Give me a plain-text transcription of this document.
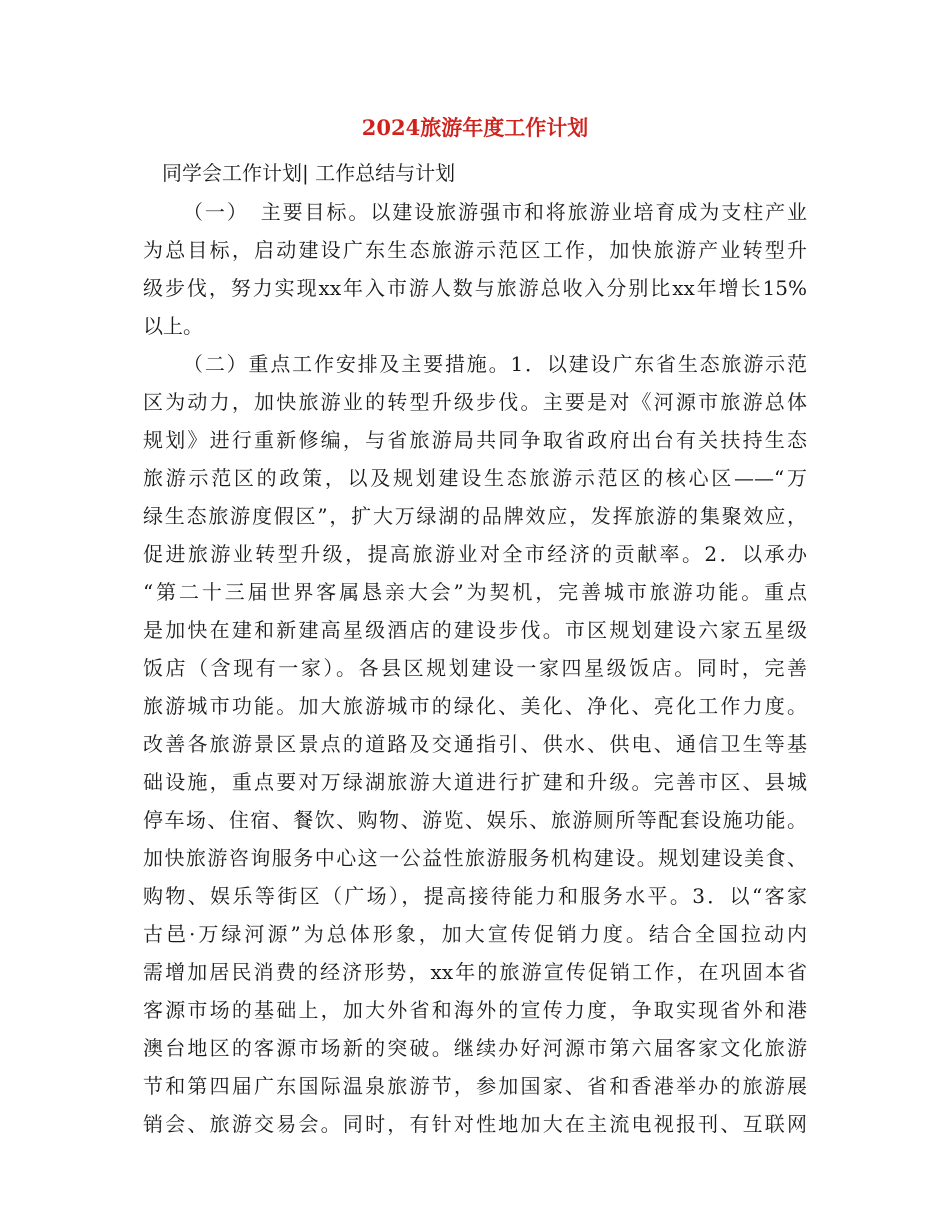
2024旅游年度工作计划
同学会工作计划| 工作总结与计划
（一）　主要目标。以建设旅游强市和将旅游业培育成为支柱产业
为总目标，启动建设广东生态旅游示范区工作，加快旅游产业转型升
级步伐，努力实现xx年入市游人数与旅游总收入分别比xx年增长15%
以上。
（二）重点工作安排及主要措施。1．以建设广东省生态旅游示范
区为动力，加快旅游业的转型升级步伐。主要是对《河源市旅游总体
规划》进行重新修编，与省旅游局共同争取省政府出台有关扶持生态
旅游示范区的政策，以及规划建设生态旅游示范区的核心区——“万
绿生态旅游度假区”，扩大万绿湖的品牌效应，发挥旅游的集聚效应，
促进旅游业转型升级，提高旅游业对全市经济的贡献率。2．以承办
“第二十三届世界客属恳亲大会”为契机，完善城市旅游功能。重点
是加快在建和新建高星级酒店的建设步伐。市区规划建设六家五星级
饭店（含现有一家）。各县区规划建设一家四星级饭店。同时，完善
旅游城市功能。加大旅游城市的绿化、美化、净化、亮化工作力度。
改善各旅游景区景点的道路及交通指引、供水、供电、通信卫生等基
础设施，重点要对万绿湖旅游大道进行扩建和升级。完善市区、县城
停车场、住宿、餐饮、购物、游览、娱乐、旅游厕所等配套设施功能。
加快旅游咨询服务中心这一公益性旅游服务机构建设。规划建设美食、
购物、娱乐等街区（广场），提高接待能力和服务水平。3．以“客家
古邑·万绿河源”为总体形象，加大宣传促销力度。结合全国拉动内
需增加居民消费的经济形势，xx年的旅游宣传促销工作，在巩固本省
客源市场的基础上，加大外省和海外的宣传力度，争取实现省外和港
澳台地区的客源市场新的突破。继续办好河源市第六届客家文化旅游
节和第四届广东国际温泉旅游节，参加国家、省和香港举办的旅游展
销会、旅游交易会。同时，有针对性地加大在主流电视报刊、互联网
